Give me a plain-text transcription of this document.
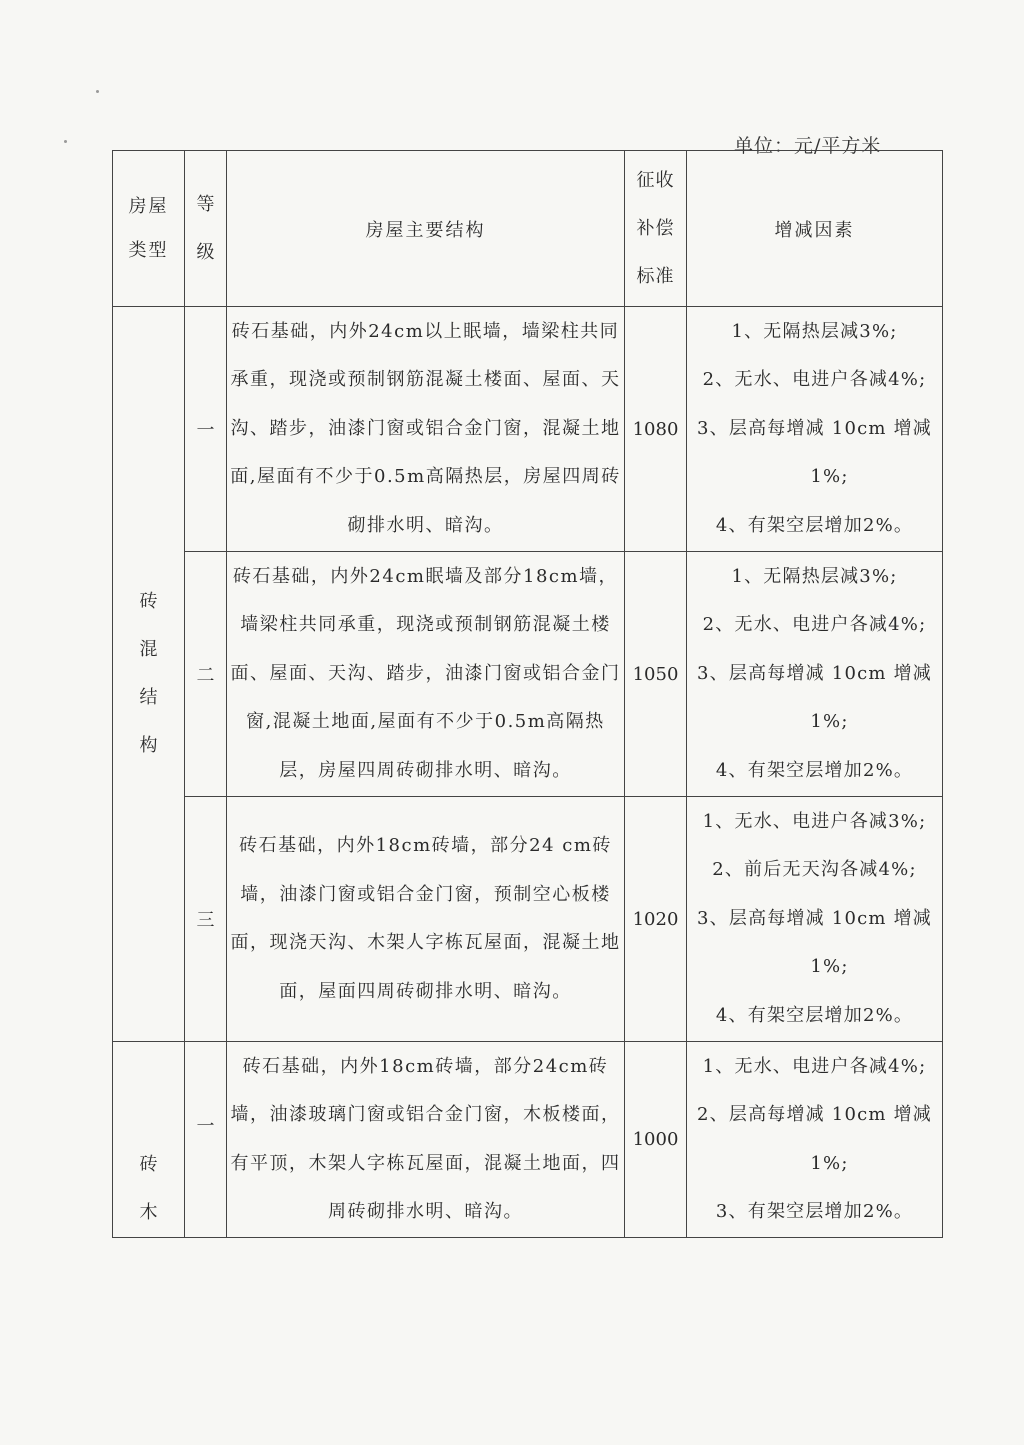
单位：元/平方米
房屋类型	等级	房屋主要结构	征收补偿标准	增减因素
砖混结构	一	砖石基础，内外24cm以上眠墙，墙梁柱共同承重，现浇或预制钢筋混凝土楼面、屋面、天沟、踏步，油漆门窗或铝合金门窗，混凝土地面,屋面有不少于0.5m高隔热层，房屋四周砖砌排水明、暗沟。	1080	1、无隔热层减3%;
2、无水、电进户各减4%;
3、层高每增减 10cm 增减
1%;
4、有架空层增加2%。

	二	砖石基础，内外24cm眠墙及部分18cm墙，墙梁柱共同承重，现浇或预制钢筋混凝土楼面、屋面、天沟、踏步，油漆门窗或铝合金门窗,混凝土地面,屋面有不少于0.5m高隔热层，房屋四周砖砌排水明、暗沟。	1050	1、无隔热层减3%;
2、无水、电进户各减4%;
3、层高每增减 10cm 增减
1%;
4、有架空层增加2%。

	三	砖石基础，内外18cm砖墙，部分24 cm砖墙，油漆门窗或铝合金门窗，预制空心板楼面，现浇天沟、木架人字栋瓦屋面，混凝土地面，屋面四周砖砌排水明、暗沟。	1020	1、无水、电进户各减3%;
2、前后无天沟各减4%;
3、层高每增减 10cm 增减
1%;
4、有架空层增加2%。

砖木	一	砖石基础，内外18cm砖墙，部分24cm砖墙，油漆玻璃门窗或铝合金门窗，木板楼面，有平顶，木架人字栋瓦屋面，混凝土地面，四周砖砌排水明、暗沟。	1000	1、无水、电进户各减4%;
2、层高每增减 10cm 增减
1%;
3、有架空层增加2%。
